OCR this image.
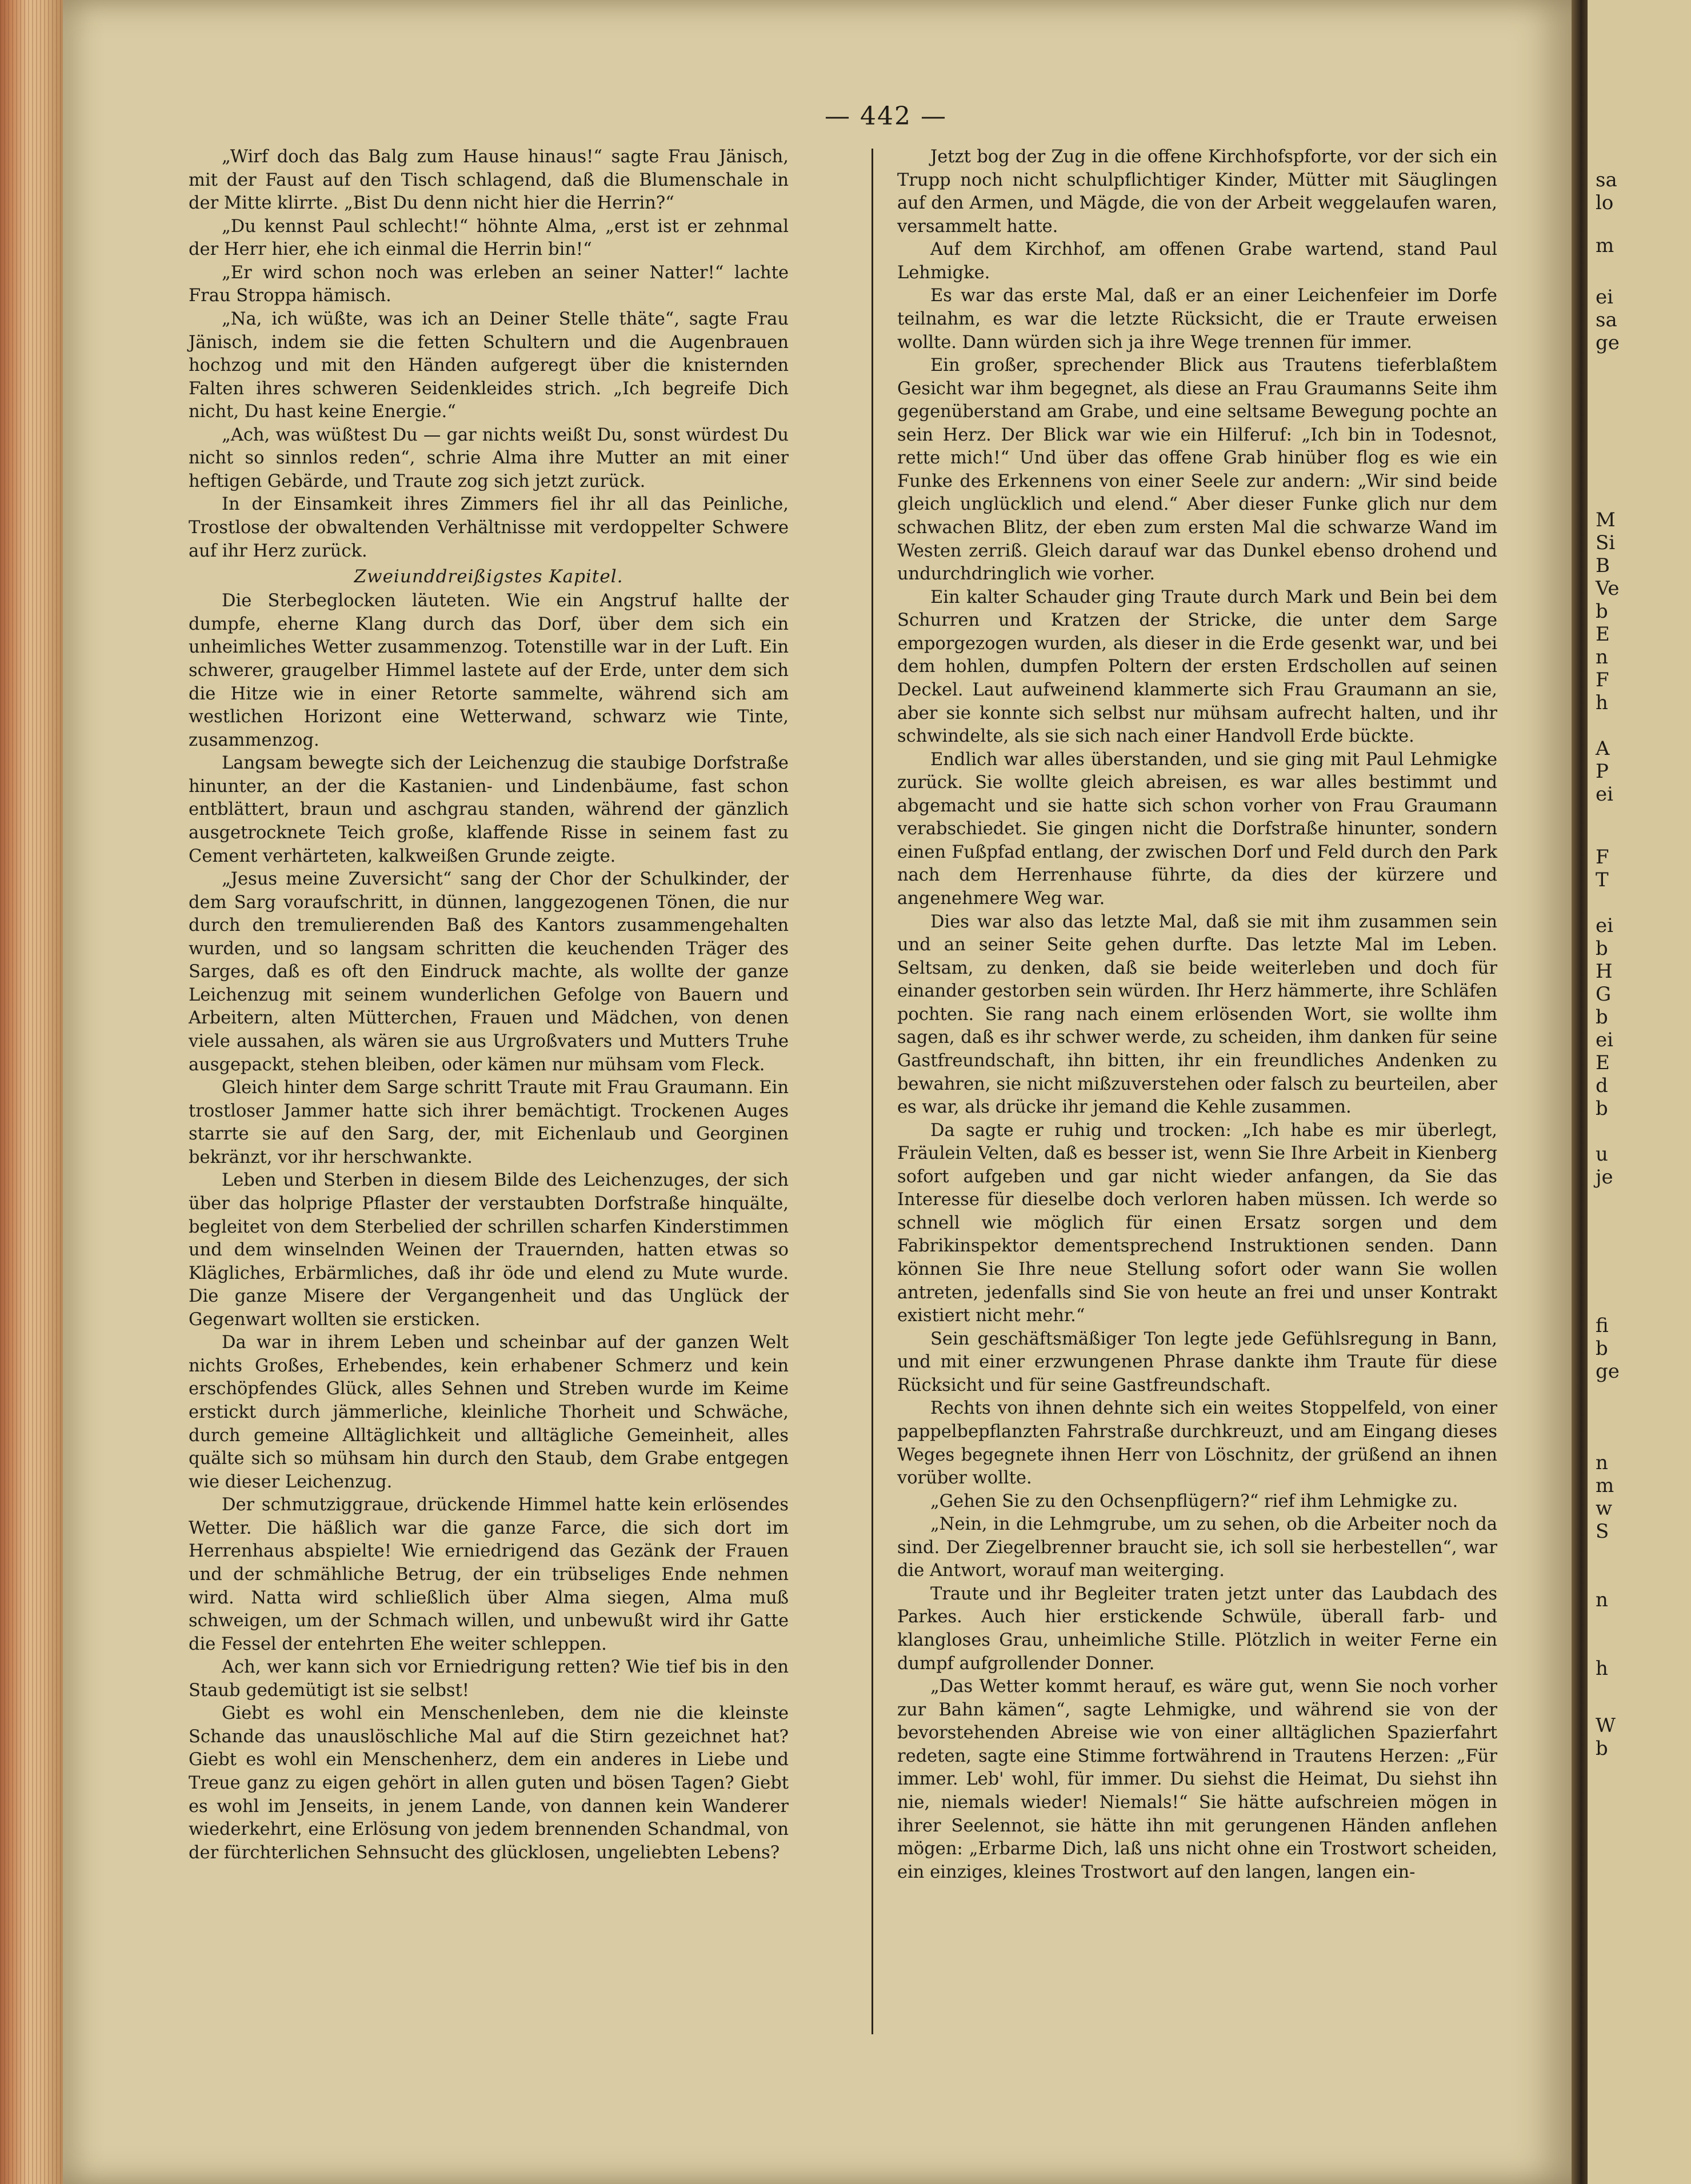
— 442 —

„Wirf doch das Balg zum Hause hinaus!“ sagte Frau Jänisch, mit der Faust auf den Tisch schlagend, daß die Blumenschale in der Mitte klirrte. „Bist Du denn nicht hier die Herrin?“

„Du kennst Paul schlecht!“ höhnte Alma, „erst ist er zehnmal der Herr hier, ehe ich einmal die Herrin bin!“

„Er wird schon noch was erleben an seiner Natter!“ lachte Frau Stroppa hämisch.

„Na, ich wüßte, was ich an Deiner Stelle thäte“, sagte Frau Jänisch, indem sie die fetten Schultern und die Augenbrauen hochzog und mit den Händen aufgeregt über die knisternden Falten ihres schweren Seidenkleides strich. „Ich begreife Dich nicht, Du hast keine Energie.“

„Ach, was wüßtest Du — gar nichts weißt Du, sonst würdest Du nicht so sinnlos reden“, schrie Alma ihre Mutter an mit einer heftigen Gebärde, und Traute zog sich jetzt zurück.

In der Einsamkeit ihres Zimmers fiel ihr all das Peinliche, Trostlose der obwaltenden Verhältnisse mit verdoppelter Schwere auf ihr Herz zurück.

Zweiunddreißigstes Kapitel.

Die Sterbeglocken läuteten. Wie ein Angstruf hallte der dumpfe, eherne Klang durch das Dorf, über dem sich ein unheimliches Wetter zusammenzog. Totenstille war in der Luft. Ein schwerer, graugelber Himmel lastete auf der Erde, unter dem sich die Hitze wie in einer Retorte sammelte, während sich am westlichen Horizont eine Wetterwand, schwarz wie Tinte, zusammenzog.

Langsam bewegte sich der Leichenzug die staubige Dorfstraße hinunter, an der die Kastanien- und Lindenbäume, fast schon entblättert, braun und aschgrau standen, während der gänzlich ausgetrocknete Teich große, klaffende Risse in seinem fast zu Cement verhärteten, kalkweißen Grunde zeigte.

„Jesus meine Zuversicht“ sang der Chor der Schulkinder, der dem Sarg voraufschritt, in dünnen, langgezogenen Tönen, die nur durch den tremulierenden Baß des Kantors zusammengehalten wurden, und so langsam schritten die keuchenden Träger des Sarges, daß es oft den Eindruck machte, als wollte der ganze Leichenzug mit seinem wunderlichen Gefolge von Bauern und Arbeitern, alten Mütterchen, Frauen und Mädchen, von denen viele aussahen, als wären sie aus Urgroßvaters und Mutters Truhe ausgepackt, stehen bleiben, oder kämen nur mühsam vom Fleck.

Gleich hinter dem Sarge schritt Traute mit Frau Graumann. Ein trostloser Jammer hatte sich ihrer bemächtigt. Trockenen Auges starrte sie auf den Sarg, der, mit Eichenlaub und Georginen bekränzt, vor ihr herschwankte.

Leben und Sterben in diesem Bilde des Leichenzuges, der sich über das holprige Pflaster der verstaubten Dorfstraße hinquälte, begleitet von dem Sterbelied der schrillen scharfen Kinderstimmen und dem winselnden Weinen der Trauernden, hatten etwas so Klägliches, Erbärmliches, daß ihr öde und elend zu Mute wurde. Die ganze Misere der Vergangenheit und das Unglück der Gegenwart wollten sie ersticken.

Da war in ihrem Leben und scheinbar auf der ganzen Welt nichts Großes, Erhebendes, kein erhabener Schmerz und kein erschöpfendes Glück, alles Sehnen und Streben wurde im Keime erstickt durch jämmerliche, kleinliche Thorheit und Schwäche, durch gemeine Alltäglichkeit und alltägliche Gemeinheit, alles quälte sich so mühsam hin durch den Staub, dem Grabe entgegen wie dieser Leichenzug.

Der schmutziggraue, drückende Himmel hatte kein erlösendes Wetter. Die häßlich war die ganze Farce, die sich dort im Herrenhaus abspielte! Wie erniedrigend das Gezänk der Frauen und der schmähliche Betrug, der ein trübseliges Ende nehmen wird. Natta wird schließlich über Alma siegen, Alma muß schweigen, um der Schmach willen, und unbewußt wird ihr Gatte die Fessel der entehrten Ehe weiter schleppen.

Ach, wer kann sich vor Erniedrigung retten? Wie tief bis in den Staub gedemütigt ist sie selbst!

Giebt es wohl ein Menschenleben, dem nie die kleinste Schande das unauslöschliche Mal auf die Stirn gezeichnet hat? Giebt es wohl ein Menschenherz, dem ein anderes in Liebe und Treue ganz zu eigen gehört in allen guten und bösen Tagen? Giebt es wohl im Jenseits, in jenem Lande, von dannen kein Wanderer wiederkehrt, eine Erlösung von jedem brennenden Schandmal, von der fürchterlichen Sehnsucht des glücklosen, ungeliebten Lebens?

Jetzt bog der Zug in die offene Kirchhofspforte, vor der sich ein Trupp noch nicht schulpflichtiger Kinder, Mütter mit Säuglingen auf den Armen, und Mägde, die von der Arbeit weggelaufen waren, versammelt hatte.

Auf dem Kirchhof, am offenen Grabe wartend, stand Paul Lehmigke.

Es war das erste Mal, daß er an einer Leichenfeier im Dorfe teilnahm, es war die letzte Rücksicht, die er Traute erweisen wollte. Dann würden sich ja ihre Wege trennen für immer.

Ein großer, sprechender Blick aus Trautens tieferblaßtem Gesicht war ihm begegnet, als diese an Frau Graumanns Seite ihm gegenüberstand am Grabe, und eine seltsame Bewegung pochte an sein Herz. Der Blick war wie ein Hilferuf: „Ich bin in Todesnot, rette mich!“ Und über das offene Grab hinüber flog es wie ein Funke des Erkennens von einer Seele zur andern: „Wir sind beide gleich unglücklich und elend.“ Aber dieser Funke glich nur dem schwachen Blitz, der eben zum ersten Mal die schwarze Wand im Westen zerriß. Gleich darauf war das Dunkel ebenso drohend und undurchdringlich wie vorher.

Ein kalter Schauder ging Traute durch Mark und Bein bei dem Schurren und Kratzen der Stricke, die unter dem Sarge emporgezogen wurden, als dieser in die Erde gesenkt war, und bei dem hohlen, dumpfen Poltern der ersten Erdschollen auf seinen Deckel. Laut aufweinend klammerte sich Frau Graumann an sie, aber sie konnte sich selbst nur mühsam aufrecht halten, und ihr schwindelte, als sie sich nach einer Handvoll Erde bückte.

Endlich war alles überstanden, und sie ging mit Paul Lehmigke zurück. Sie wollte gleich abreisen, es war alles bestimmt und abgemacht und sie hatte sich schon vorher von Frau Graumann verabschiedet. Sie gingen nicht die Dorfstraße hinunter, sondern einen Fußpfad entlang, der zwischen Dorf und Feld durch den Park nach dem Herrenhause führte, da dies der kürzere und angenehmere Weg war.

Dies war also das letzte Mal, daß sie mit ihm zusammen sein und an seiner Seite gehen durfte. Das letzte Mal im Leben. Seltsam, zu denken, daß sie beide weiterleben und doch für einander gestorben sein würden. Ihr Herz hämmerte, ihre Schläfen pochten. Sie rang nach einem erlösenden Wort, sie wollte ihm sagen, daß es ihr schwer werde, zu scheiden, ihm danken für seine Gastfreundschaft, ihn bitten, ihr ein freundliches Andenken zu bewahren, sie nicht mißzuverstehen oder falsch zu beurteilen, aber es war, als drücke ihr jemand die Kehle zusammen.

Da sagte er ruhig und trocken: „Ich habe es mir überlegt, Fräulein Velten, daß es besser ist, wenn Sie Ihre Arbeit in Kienberg sofort aufgeben und gar nicht wieder anfangen, da Sie das Interesse für dieselbe doch verloren haben müssen. Ich werde so schnell wie möglich für einen Ersatz sorgen und dem Fabrikinspektor dementsprechend Instruktionen senden. Dann können Sie Ihre neue Stellung sofort oder wann Sie wollen antreten, jedenfalls sind Sie von heute an frei und unser Kontrakt existiert nicht mehr.“

Sein geschäftsmäßiger Ton legte jede Gefühlsregung in Bann, und mit einer erzwungenen Phrase dankte ihm Traute für diese Rücksicht und für seine Gastfreundschaft.

Rechts von ihnen dehnte sich ein weites Stoppelfeld, von einer pappelbepflanzten Fahrstraße durchkreuzt, und am Eingang dieses Weges begegnete ihnen Herr von Löschnitz, der grüßend an ihnen vorüber wollte.

„Gehen Sie zu den Ochsenpflügern?“ rief ihm Lehmigke zu.

„Nein, in die Lehmgrube, um zu sehen, ob die Arbeiter noch da sind. Der Ziegelbrenner braucht sie, ich soll sie herbestellen“, war die Antwort, worauf man weiterging.

Traute und ihr Begleiter traten jetzt unter das Laubdach des Parkes. Auch hier erstickende Schwüle, überall farb- und klangloses Grau, unheimliche Stille. Plötzlich in weiter Ferne ein dumpf aufgrollender Donner.

„Das Wetter kommt herauf, es wäre gut, wenn Sie noch vorher zur Bahn kämen“, sagte Lehmigke, und während sie von der bevorstehenden Abreise wie von einer alltäglichen Spazierfahrt redeten, sagte eine Stimme fortwährend in Trautens Herzen: „Für immer. Leb' wohl, für immer. Du siehst die Heimat, Du siehst ihn nie, niemals wieder! Niemals!“ Sie hätte aufschreien mögen in ihrer Seelennot, sie hätte ihn mit gerungenen Händen anflehen mögen: „Erbarme Dich, laß uns nicht ohne ein Trostwort scheiden, ein einziges, kleines Trostwort auf den langen, langen ein-

sa
lo
m
ei
sa
ge
M
Si
B
Ve
b
E
n
F
h
A
P
ei
F
T
ei
b
H
G
b
ei
E
d
b
u
je
fi
b
ge
n
m
w
S
n
h
W
b
